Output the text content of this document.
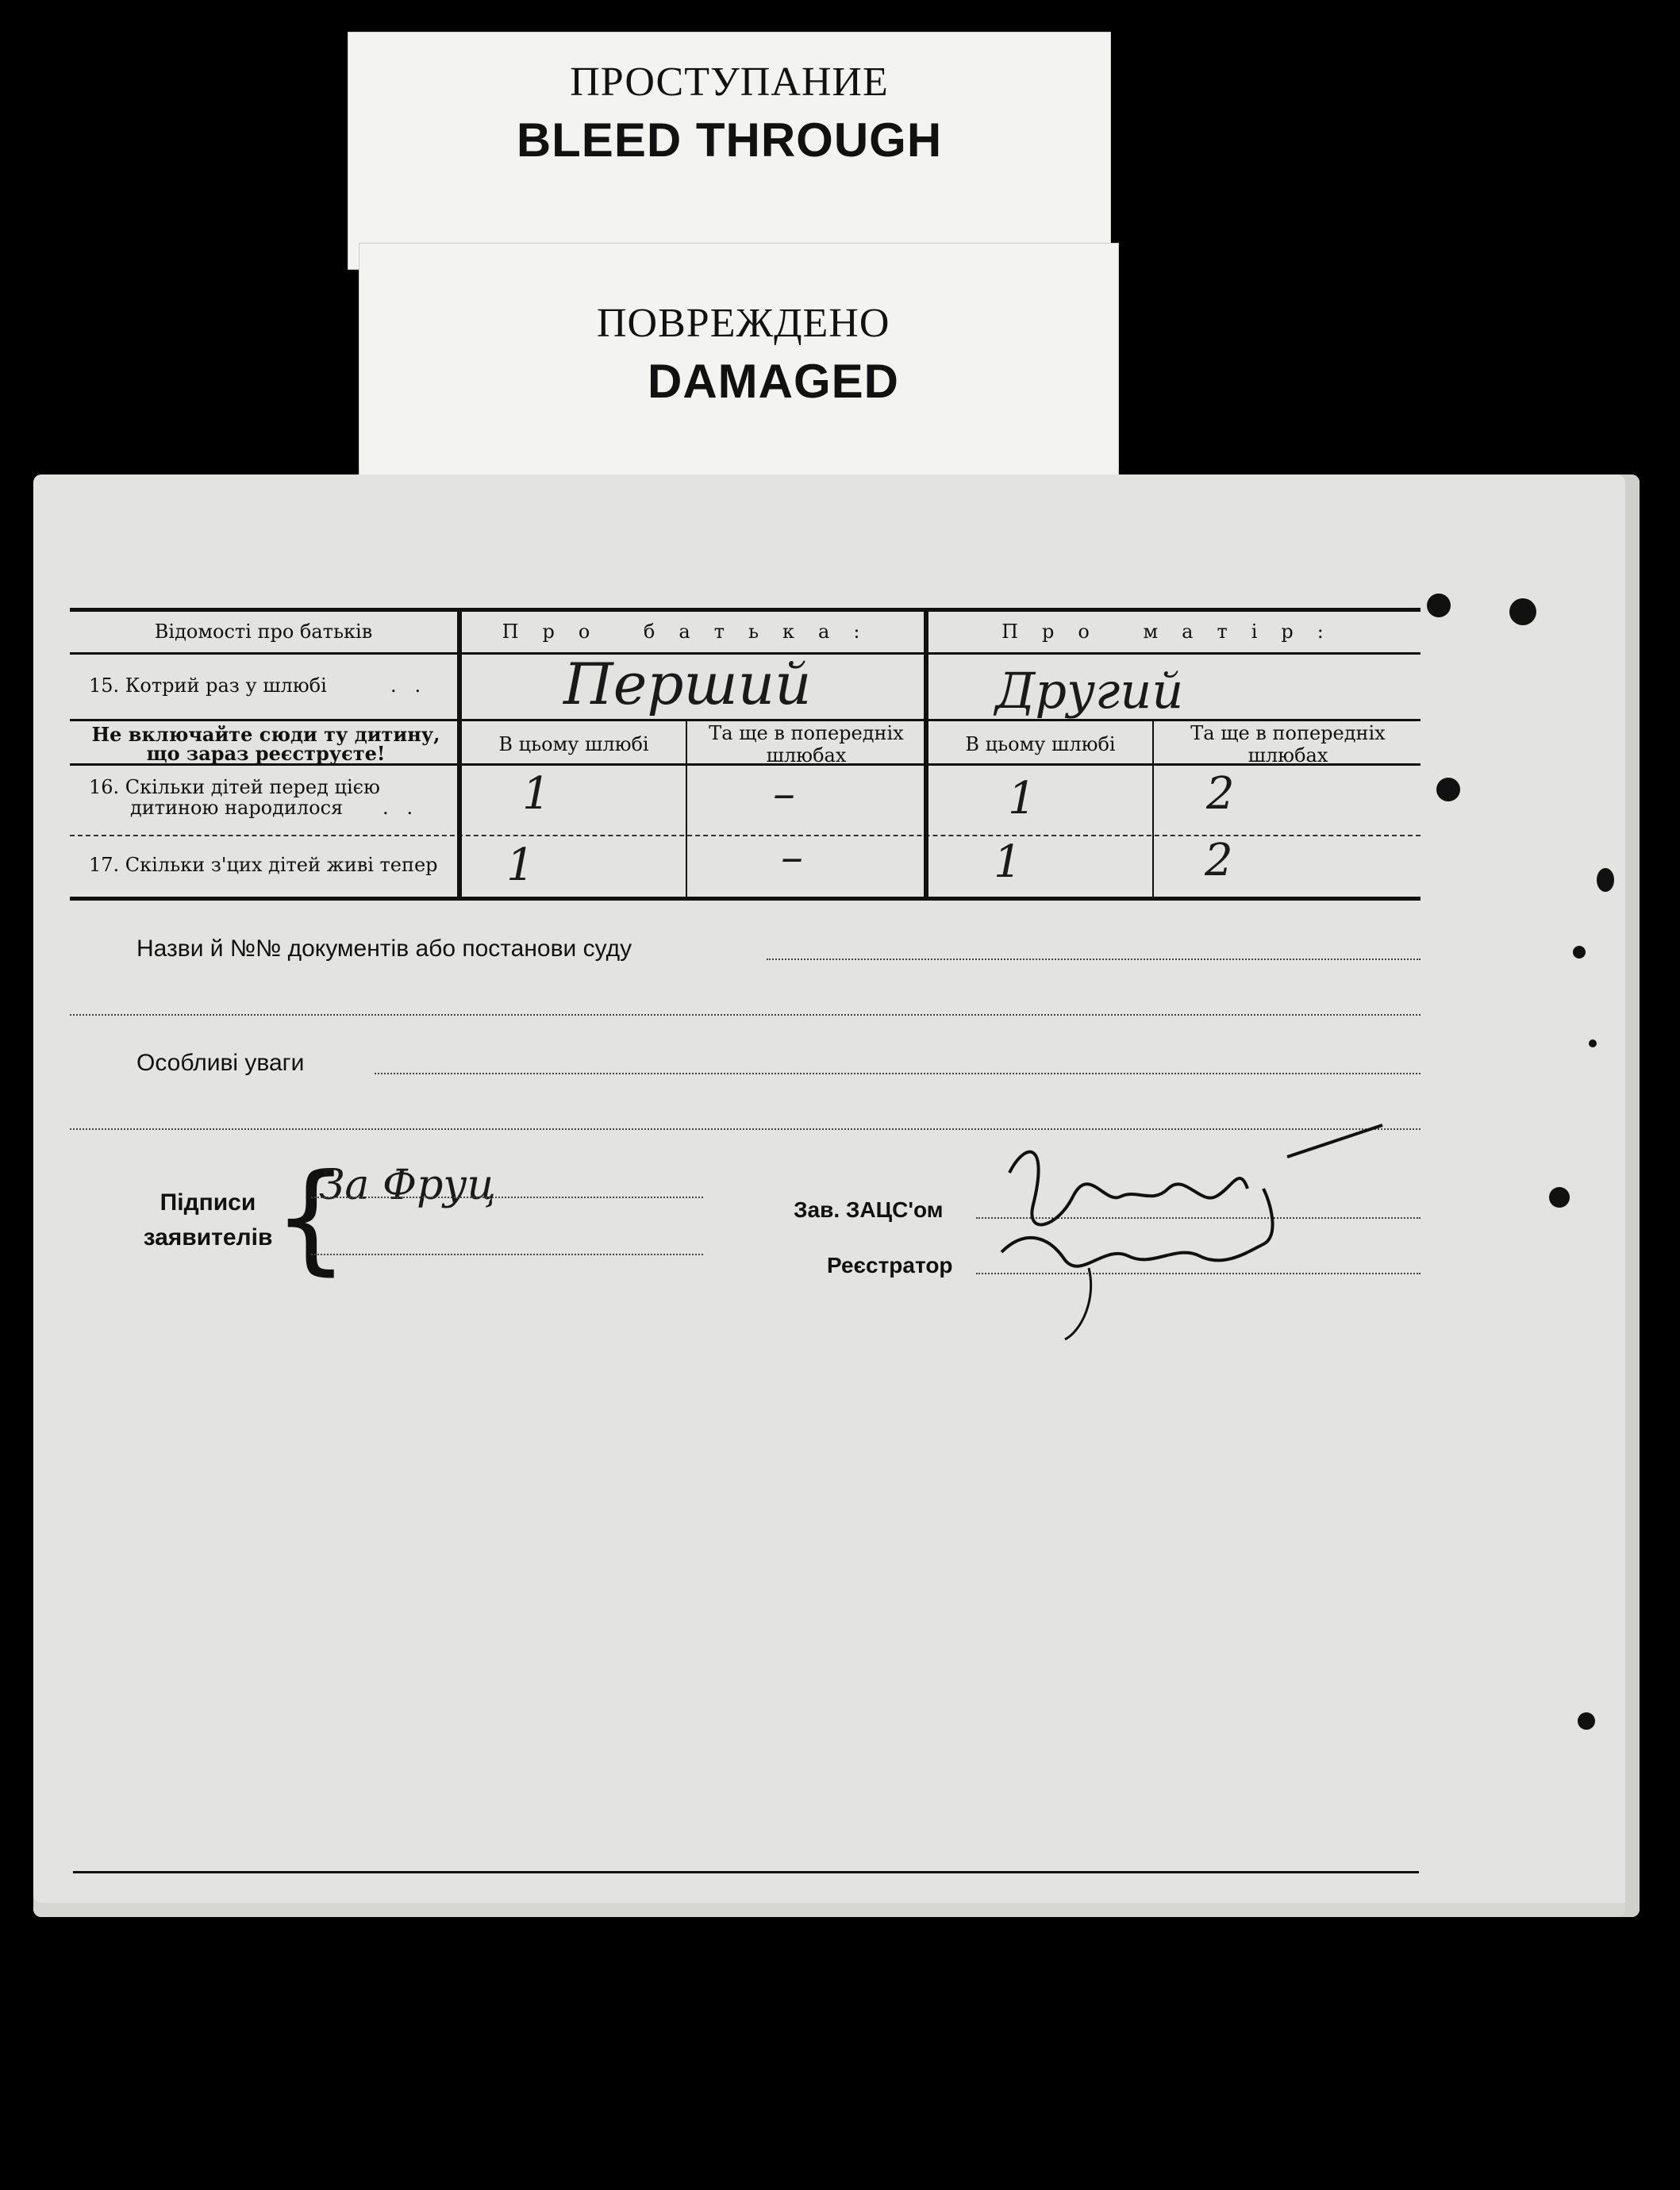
ПРОСТУПАНИЕ
BLEED THROUGH
ПОВРЕЖДЕНО
DAMAGED
Відомості про батьків	Про батька:	Про матір:
15. Котрий раз у шлюбі	.   . Перший	Другий
Не включайте сюди ту дитину,
що зараз реєструєте!	В цьому шлюбі	Та ще в попередніх шлюбах	В цьому шлюбі	Та ще в попередніх шлюбах
16. Скільки дітей перед цією
дитиною народилося	.   . 1	–	1	2
17. Скільки з'цих дітей живі тепер	1	–	1	2
Назви й №№ документів або постанови суду
Особливі уваги
Підписи
заявителів {
За Фруц
Зав. ЗАЦС'ом
Реєстратор
